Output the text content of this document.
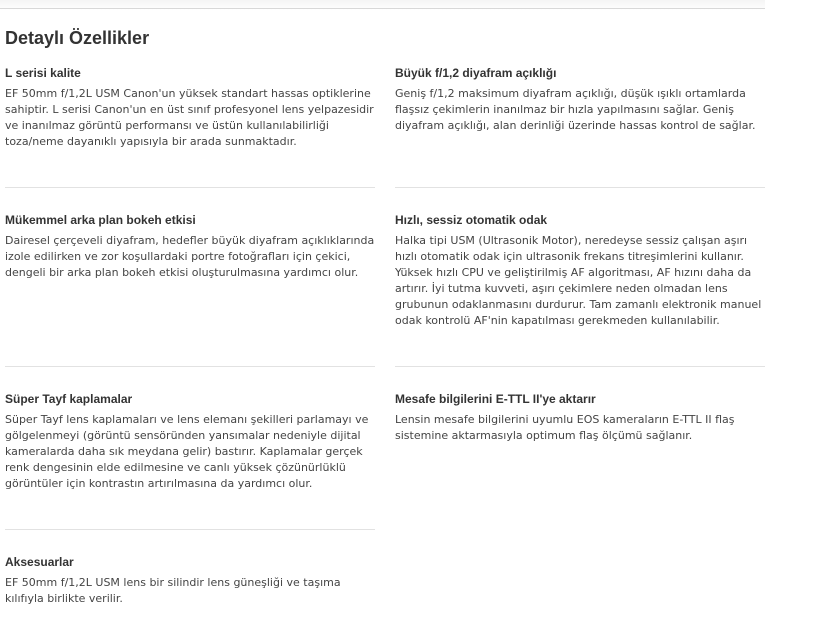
Detaylı Özellikler
L serisi kalite

EF 50mm f/1,2L USM Canon'un yüksek standart hassas optiklerine sahiptir. L serisi Canon'un en üst sınıf profesyonel lens yelpazesidir ve inanılmaz görüntü performansı ve üstün kullanılabilirliği toza/neme dayanıklı yapısıyla bir arada sunmaktadır.

Büyük f/1,2 diyafram açıklığı

Geniş f/1,2 maksimum diyafram açıklığı, düşük ışıklı ortamlarda flaşsız çekimlerin inanılmaz bir hızla yapılmasını sağlar. Geniş diyafram açıklığı, alan derinliği üzerinde hassas kontrol de sağlar.

Mükemmel arka plan bokeh etkisi

Dairesel çerçeveli diyafram, hedefler büyük diyafram açıklıklarında izole edilirken ve zor koşullardaki portre fotoğrafları için çekici, dengeli bir arka plan bokeh etkisi oluşturulmasına yardımcı olur.

Hızlı, sessiz otomatik odak

Halka tipi USM (Ultrasonik Motor), neredeyse sessiz çalışan aşırı hızlı otomatik odak için ultrasonik frekans titreşimlerini kullanır. Yüksek hızlı CPU ve geliştirilmiş AF algoritması, AF hızını daha da artırır. İyi tutma kuvveti, aşırı çekimlere neden olmadan lens grubunun odaklanmasını durdurur. Tam zamanlı elektronik manuel odak kontrolü AF'nin kapatılması gerekmeden kullanılabilir.

Süper Tayf kaplamalar

Süper Tayf lens kaplamaları ve lens elemanı şekilleri parlamayı ve gölgelenmeyi (görüntü sensöründen yansımalar nedeniyle dijital kameralarda daha sık meydana gelir) bastırır. Kaplamalar gerçek renk dengesinin elde edilmesine ve canlı yüksek çözünürlüklü görüntüler için kontrastın artırılmasına da yardımcı olur.

Mesafe bilgilerini E-TTL II'ye aktarır

Lensin mesafe bilgilerini uyumlu EOS kameraların E-TTL II flaş sistemine aktarmasıyla optimum flaş ölçümü sağlanır.

Aksesuarlar

EF 50mm f/1,2L USM lens bir silindir lens güneşliği ve taşıma kılıfıyla birlikte verilir.
